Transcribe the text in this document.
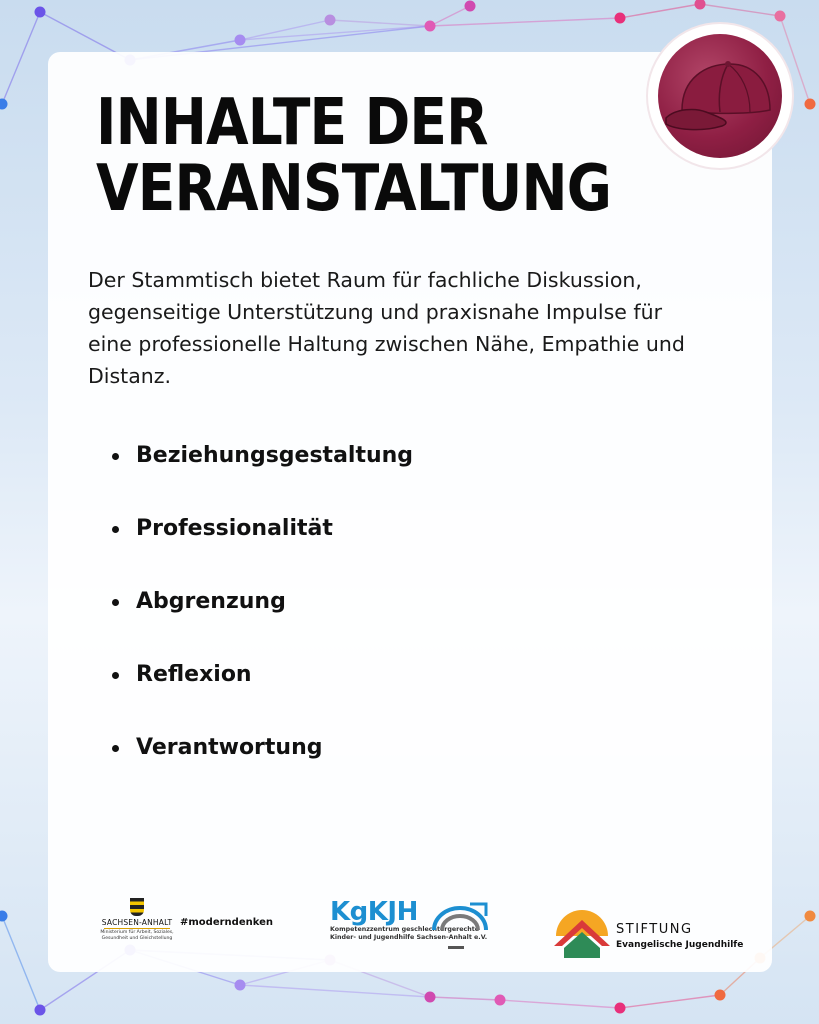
INHALTE DER
VERANSTALTUNG

Der Stammtisch bietet Raum für fachliche Diskussion, gegenseitige Unterstützung und praxisnahe Impulse für eine professionelle Haltung zwischen Nähe, Empathie und Distanz.

Beziehungsgestaltung
Professionalität
Abgrenzung
Reflexion
Verantwortung
SACHSEN-ANHALT
Ministerium für Arbeit, Soziales, Gesundheit und Gleichstellung
#moderndenken KgKJH
Kompetenzzentrum geschlechtergerechte
Kinder- und Jugendhilfe Sachsen-Anhalt e.V.
STIFTUNG
Evangelische Jugendhilfe
